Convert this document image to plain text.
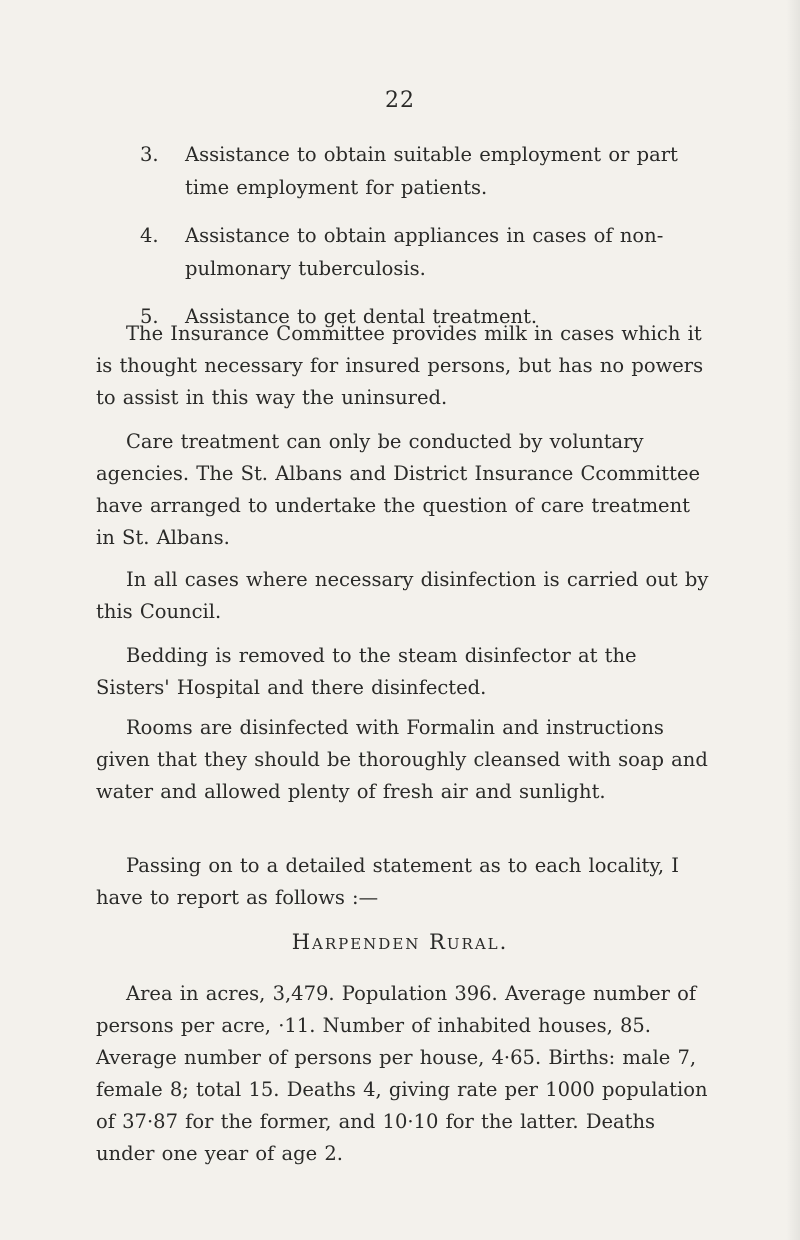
22
3. Assistance to obtain suitable employment or part time employment for patients.
4. Assistance to obtain appliances in cases of non-pulmonary tuberculosis.
5. Assistance to get dental treatment.

The Insurance Committee provides milk in cases which it is thought necessary for insured persons, but has no powers to assist in this way the uninsured.

Care treatment can only be conducted by voluntary agencies. The St. Albans and District Insurance Ccommittee have arranged to undertake the question of care treatment in St. Albans.

In all cases where necessary disinfection is carried out by this Council.

Bedding is removed to the steam disinfector at the Sisters' Hospital and there disinfected.

Rooms are disinfected with Formalin and instructions given that they should be thoroughly cleansed with soap and water and allowed plenty of fresh air and sunlight.

Passing on to a detailed statement as to each locality, I have to report as follows :—

Harpenden Rural.

Area in acres, 3,479. Population 396. Average number of persons per acre, ·11. Number of inhabited houses, 85. Average number of persons per house, 4·65. Births: male 7, female 8; total 15. Deaths 4, giving rate per 1000 population of 37·87 for the former, and 10·10 for the latter. Deaths under one year of age 2.
